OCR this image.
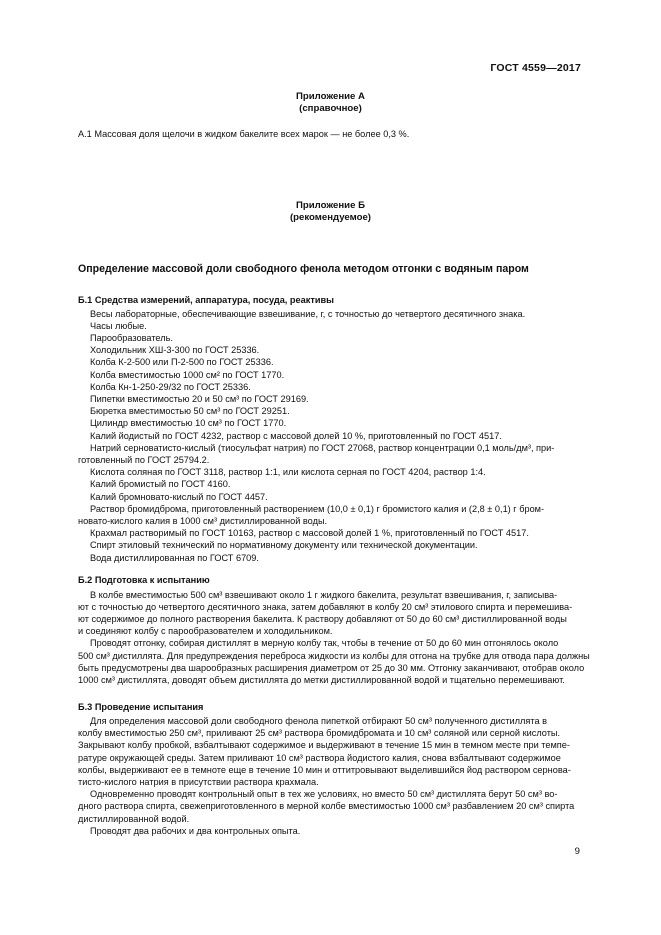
ГОСТ 4559—2017
Приложение А
(справочное)
А.1 Массовая доля щелочи в жидком бакелите всех марок — не более 0,3 %.
Приложение Б
(рекомендуемое)
Определение массовой доли свободного фенола методом отгонки с водяным паром
Б.1 Средства измерений, аппаратура, посуда, реактивы
Весы лабораторные, обеспечивающие взвешивание, г, с точностью до четвертого десятичного знака.
Часы любые.
Парообразователь.
Холодильник ХШ-3-300 по ГОСТ 25336.
Колба К-2-500 или П-2-500 по ГОСТ 25336.
Колба вместимостью 1000 см² по ГОСТ 1770.
Колба Кн-1-250-29/32 по ГОСТ 25336.
Пипетки вместимостью 20 и 50 см³ по ГОСТ 29169.
Бюретка вместимостью 50 см³ по ГОСТ 29251.
Цилиндр вместимостью 10 см³ по ГОСТ 1770.
Калий йодистый по ГОСТ 4232, раствор с массовой долей 10 %, приготовленный по ГОСТ 4517.
Натрий серноватисто-кислый (тиосульфат натрия) по ГОСТ 27068, раствор концентрации 0,1 моль/дм³, при-
готовленный по ГОСТ 25794.2.
Кислота соляная по ГОСТ 3118, раствор 1:1, или кислота серная по ГОСТ 4204, раствор 1:4.
Калий бромистый по ГОСТ 4160.
Калий бромновато-кислый по ГОСТ 4457.
Раствор бромидброма, приготовленный растворением (10,0 ± 0,1) г бромистого калия и (2,8 ± 0,1) г бром-
новато-кислого калия в 1000 см³ дистиллированной воды.
Крахмал растворимый по ГОСТ 10163, раствор с массовой долей 1 %, приготовленный по ГОСТ 4517.
Спирт этиловый технический по нормативному документу или технической документации.
Вода дистиллированная по ГОСТ 6709.
Б.2 Подготовка к испытанию
В колбе вместимостью 500 см³ взвешивают около 1 г жидкого бакелита, результат взвешивания, г, записыва-
ют с точностью до четвертого десятичного знака, затем добавляют в колбу 20 см³ этилового спирта и перемешива-
ют содержимое до полного растворения бакелита. К раствору добавляют от 50 до 60 см³ дистиллированной воды
и соединяют колбу с парообразователем и холодильником.
Проводят отгонку, собирая дистиллят в мерную колбу так, чтобы в течение от 50 до 60 мин отгонялось около
500 см³ дистиллята. Для предупреждения переброса жидкости из колбы для отгона на трубке для отвода пара должны
быть предусмотрены два шарообразных расширения диаметром от 25 до 30 мм. Отгонку заканчивают, отобрав около
1000 см³ дистиллята, доводят объем дистиллята до метки дистиллированной водой и тщательно перемешивают.
Б.3 Проведение испытания
Для определения массовой доли свободного фенола пипеткой отбирают 50 см³ полученного дистиллята в
колбу вместимостью 250 см³, приливают 25 см³ раствора бромидбромата и 10 см³ соляной или серной кислоты.
Закрывают колбу пробкой, взбалтывают содержимое и выдерживают в течение 15 мин в темном месте при темпе-
ратуре окружающей среды. Затем приливают 10 см³ раствора йодистого калия, снова взбалтывают содержимое
колбы, выдерживают ее в темноте еще в течение 10 мин и оттитровывают выделившийся йод раствором сернова-
тисто-кислого натрия в присутствии раствора крахмала.
Одновременно проводят контрольный опыт в тех же условиях, но вместо 50 см³ дистиллята берут 50 см³ во-
дного раствора спирта, свежеприготовленного в мерной колбе вместимостью 1000 см³ разбавлением 20 см³ спирта
дистиллированной водой.
Проводят два рабочих и два контрольных опыта.
9
